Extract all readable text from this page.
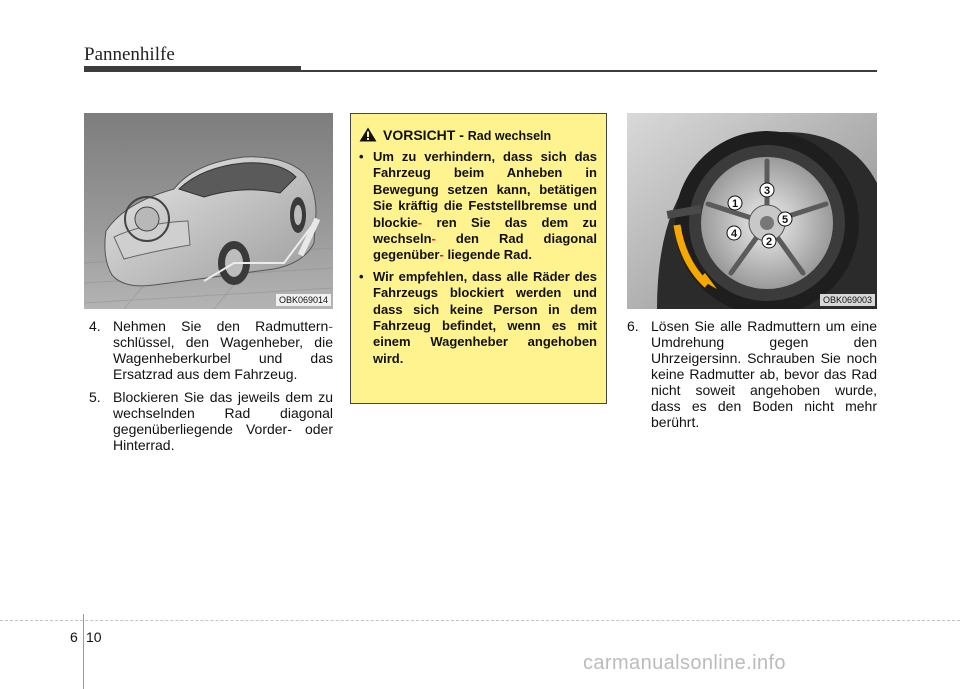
Pannenhilfe
OBK069014
4. Nehmen Sie den Radmuttern- schlüssel, den Wagenheber, die Wagenheberkurbel und das Ersatzrad aus dem Fahrzeug.
5. Blockieren Sie das jeweils dem zu wechselnden Rad diagonal gegenüberliegende Vorder- oder Hinterrad.
VORSICHT - Rad wechseln
• Um zu verhindern, dass sich das Fahrzeug beim Anheben in Bewegung setzen kann, betätigen Sie kräftig die Feststellbremse und blockie- ren Sie das dem zu wechseln- den Rad diagonal gegenüber- liegende Rad.
• Wir empfehlen, dass alle Räder des Fahrzeugs blockiert werden und dass sich keine Person in dem Fahrzeug befindet, wenn es mit einem Wagenheber angehoben wird.
1
2
3
4
5
OBK069003
6. Lösen Sie alle Radmuttern um eine Umdrehung gegen den Uhrzeigersinn. Schrauben Sie noch keine Radmutter ab, bevor das Rad nicht soweit angehoben wurde, dass es den Boden nicht mehr berührt.
6 10
carmanualsonline.info
